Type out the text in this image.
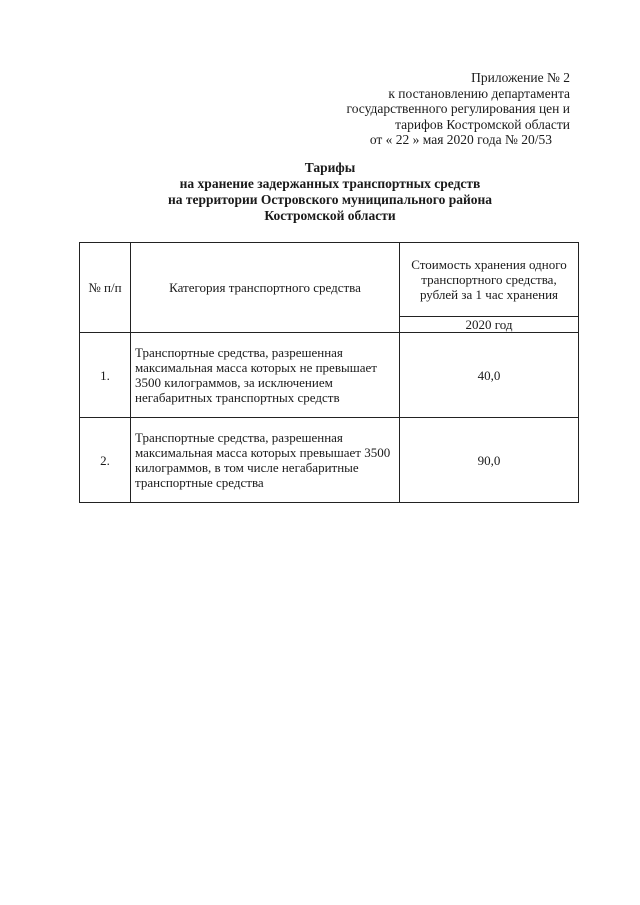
Приложение № 2
к постановлению департамента
государственного регулирования цен и
тарифов Костромской области
от « 22 » мая 2020 года № 20/53
Тарифы
на хранение задержанных транспортных средств
на территории Островского муниципального района
Костромской области
№ п/п	Категория транспортного средства	Стоимость хранения одного транспортного средства, рублей за 1 час хранения
		2020 год
1.	Транспортные средства, разрешенная максимальная масса которых не превышает 3500 килограммов, за исключением негабаритных транспортных средств	40,0
2.	Транспортные средства, разрешенная максимальная масса которых превышает 3500 килограммов, в том числе негабаритные транспортные средства	90,0
